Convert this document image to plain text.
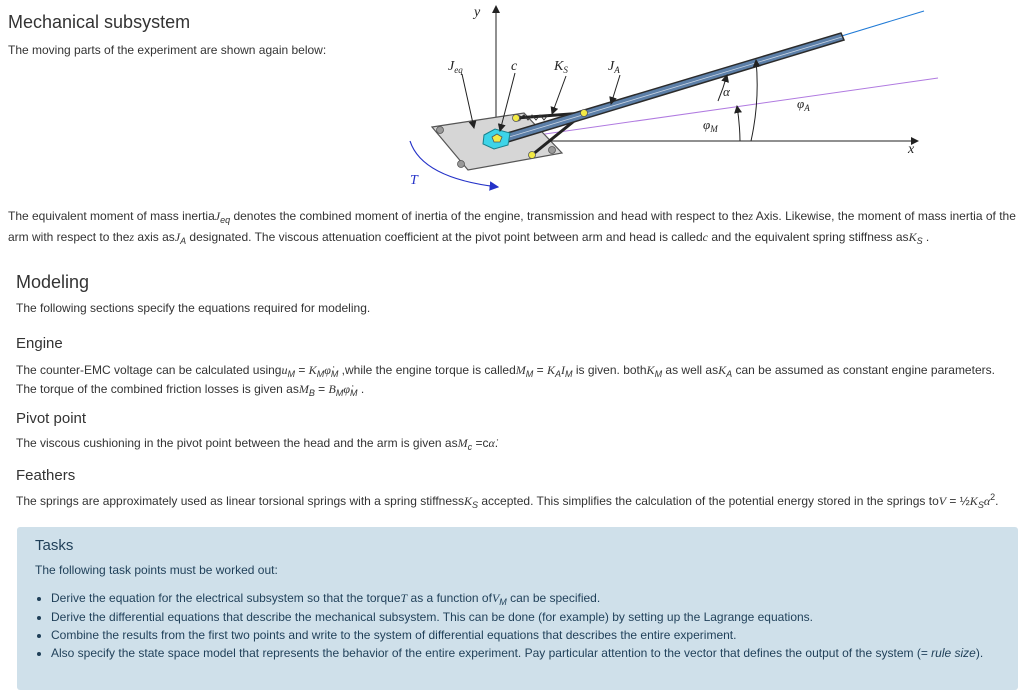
Mechanical subsystem
The moving parts of the experiment are shown again below:
y
x
$J_{eq}$	c	$K_S$	$J_A$
α
$\varphi_A$
$\varphi_M$
T
The equivalent moment of mass inertiaJ$_{eq}$ denotes the combined moment of inertia of the engine, transmission and head with respect to thez Axis. Likewise, the moment of mass inertia of the arm with respect to thez axis asJ$_A$ designated. The viscous attenuation coefficient at the pivot point between arm and head is calledc and the equivalent spring stiffness asK$_S$ .
Modeling
The following sections specify the equations required for modeling.
Engine
The counter-EMC voltage can be calculated usingu$_M$ = $K_M\varphi̇_M$ ,while the engine torque is calledM$_M$ = $K_AI_M$ is given. bothK$_M$ as well asK$_A$ can be assumed as constant engine parameters. The torque of the combined friction losses is given $asM_B = B_M\varphi̇_M$ .
Pivot point
The viscous cushioning in the pivot point between the head and the arm is given asM$_c$ =cα̇.
Feathers
The springs are approximately used as linear torsional springs with a spring stiffnessK$_S$ accepted. This simplifies the calculation of the potential energy stored in the springs toV = $\frac{1}{2}K_S\alpha^2$.
Tasks
The following task points must be worked out:
• Derive the equation for the electrical subsystem so that the torqueT as a function ofV$_M$ can be specified.
• Derive the differential equations that describe the mechanical subsystem. This can be done (for example) by setting up the Lagrange equations.
• Combine the results from the first two points and write to the system of differential equations that describes the entire experiment.
• Also specify the state space model that represents the behavior of the entire experiment. Pay particular attention to the vector that defines the output of the system (= rule size).
